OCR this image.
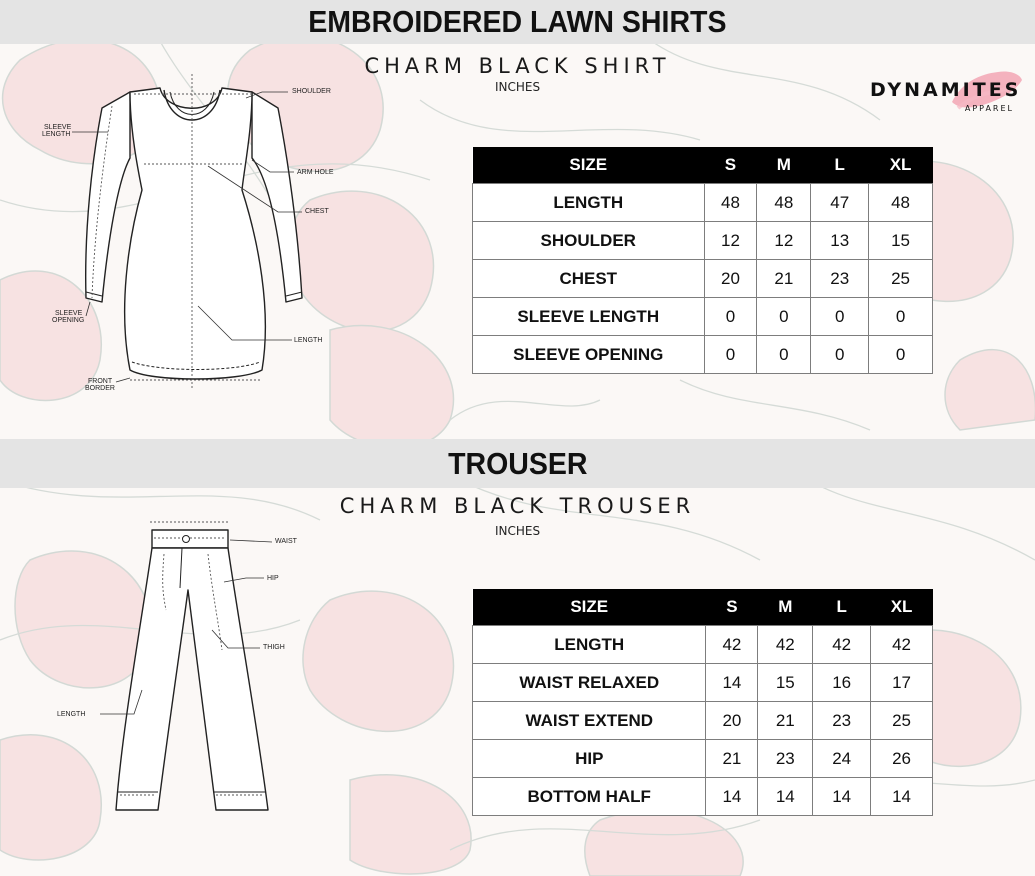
EMBROIDERED LAWN SHIRTS
CHARM BLACK SHIRT
INCHES	DYNAMITES
APPAREL
SHOULDER
SLEEVE
LENGTH
ARM HOLE
CHEST
SLEEVE
OPENING
LENGTH
FRONT
BORDER
SIZE	S	M	L	XL
LENGTH	48	48	47	48
SHOULDER	12	12	13	15
CHEST	20	21	23	25
SLEEVE LENGTH	0	0	0	0
SLEEVE OPENING	0	0	0	0
TROUSER
CHARM BLACK TROUSER
INCHES
WAIST
HIP
THIGH
LENGTH
SIZE	S	M	L	XL
LENGTH	42	42	42	42
WAIST RELAXED	14	15	16	17
WAIST EXTEND	20	21	23	25
HIP	21	23	24	26
BOTTOM HALF	14	14	14	14
